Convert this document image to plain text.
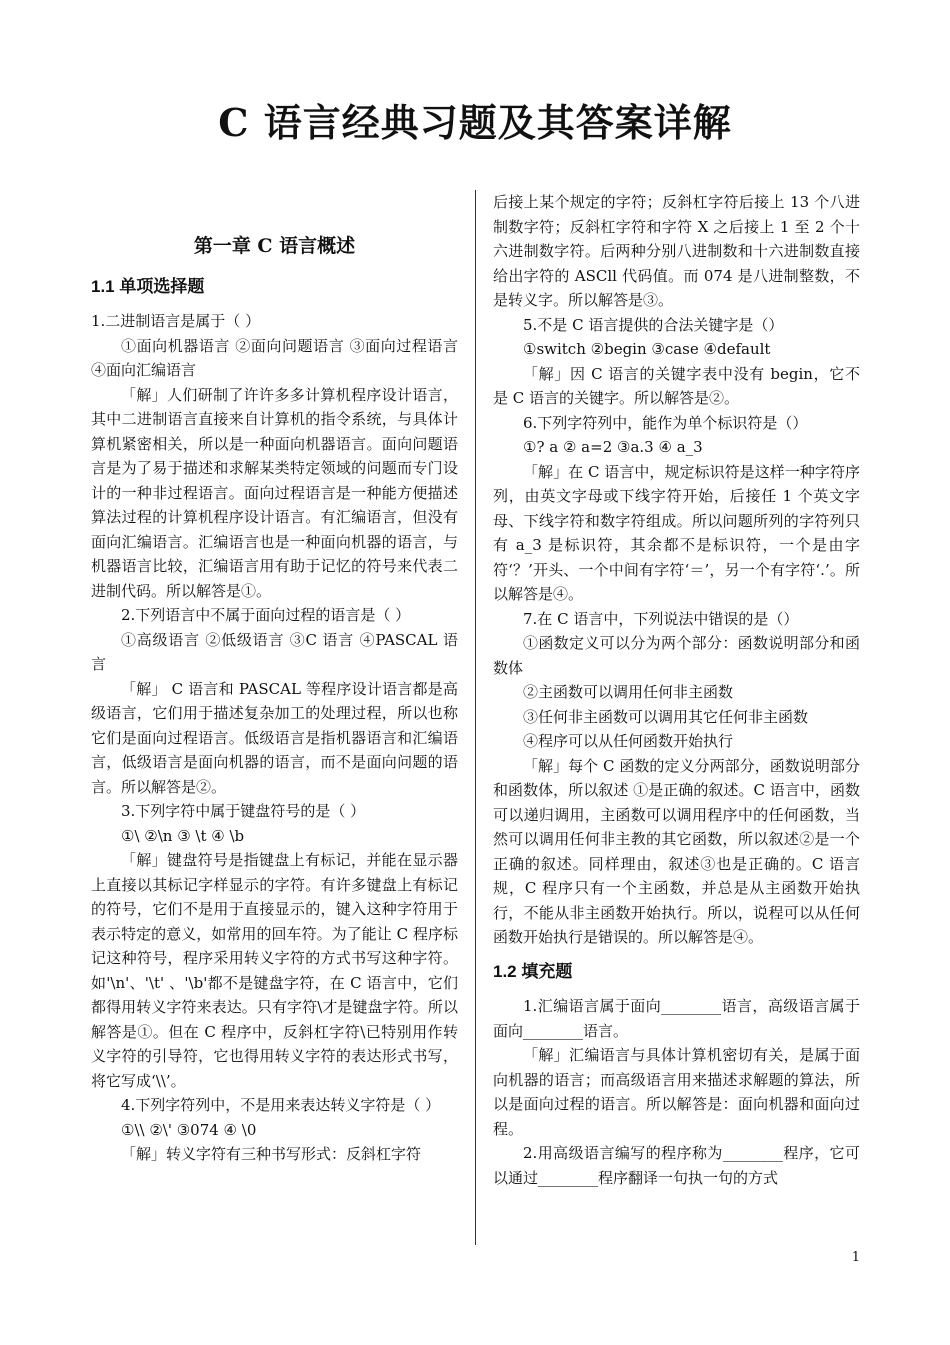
C 语言经典习题及其答案详解
第一章 C 语言概述
1.1 单项选择题

1.二进制语言是属于（ ）

①面向机器语言 ②面向问题语言 ③面向过程语言 ④面向汇编语言

「解」人们研制了许许多多计算机程序设计语言，其中二进制语言直接来自计算机的指令系统，与具体计算机紧密相关，所以是一种面向机器语言。面向问题语言是为了易于描述和求解某类特定领域的问题而专门设计的一种非过程语言。面向过程语言是一种能方便描述算法过程的计算机程序设计语言。有汇编语言，但没有面向汇编语言。汇编语言也是一种面向机器的语言，与机器语言比较，汇编语言用有助于记忆的符号来代表二进制代码。所以解答是①。

2.下列语言中不属于面向过程的语言是（ ）

①高级语言 ②低级语言 ③C 语言 ④PASCAL 语言

「解」 C 语言和 PASCAL 等程序设计语言都是高级语言，它们用于描述复杂加工的处理过程，所以也称它们是面向过程语言。低级语言是指机器语言和汇编语言，低级语言是面向机器的语言，而不是面向问题的语言。所以解答是②。

3.下列字符中属于键盘符号的是（ ）

①\ ②\n ③ \t ④ \b

「解」键盘符号是指键盘上有标记，并能在显示器上直接以其标记字样显示的字符。有许多键盘上有标记的符号，它们不是用于直接显示的，键入这种字符用于表示特定的意义，如常用的回车符。为了能让 C 程序标记这种符号，程序采用转义字符的方式书写这种字符。如'\n'、'\t' 、'\b'都不是键盘字符，在 C 语言中，它们都得用转义字符来表达。只有字符\才是键盘字符。所以解答是①。但在 C 程序中，反斜杠字符\已特别用作转义字符的引导符，它也得用转义字符的表达形式书写，将它写成‘\\’。

4.下列字符列中，不是用来表达转义字符是（ ）

①\\ ②\' ③074 ④ \0

「解」转义字符有三种书写形式：反斜杠字符

后接上某个规定的字符；反斜杠字符后接上 13 个八进制数字符；反斜杠字符和字符 X 之后接上 1 至 2 个十六进制数字符。后两种分别八进制数和十六进制数直接给出字符的 ASCll 代码值。而 074 是八进制整数，不是转义字。所以解答是③。

5.不是 C 语言提供的合法关键字是（）

①switch ②begin ③case ④default

「解」因 C 语言的关键字表中没有 begin，它不是 C 语言的关键字。所以解答是②。

6.下列字符列中，能作为单个标识符是（）

①? a ② a=2 ③a.3 ④ a_3

「解」在 C 语言中，规定标识符是这样一种字符序列，由英文字母或下线字符开始，后接任 1 个英文字母、下线字符和数字符组成。所以问题所列的字符列只有 a_3 是标识符，其余都不是标识符，一个是由字符‘？’开头、一个中间有字符‘＝’，另一个有字符‘.’。所以解答是④。

7.在 C 语言中，下列说法中错误的是（）

①函数定义可以分为两个部分：函数说明部分和函数体

②主函数可以调用任何非主函数

③任何非主函数可以调用其它任何非主函数

④程序可以从任何函数开始执行

「解」每个 C 函数的定义分两部分，函数说明部分和函数体，所以叙述 ①是正确的叙述。C 语言中，函数可以递归调用，主函数可以调用程序中的任何函数，当然可以调用任何非主教的其它函数，所以叙述②是一个正确的叙述。同样理由，叙述③也是正确的。C 语言规，C 程序只有一个主函数，并总是从主函数开始执行，不能从非主函数开始执行。所以，说程可以从任何函数开始执行是错误的。所以解答是④。

1.2 填充题

1.汇编语言属于面向________语言，高级语言属于面向________语言。

「解」汇编语言与具体计算机密切有关，是属于面向机器的语言；而高级语言用来描述求解题的算法，所以是面向过程的语言。所以解答是：面向机器和面向过程。

2.用高级语言编写的程序称为________程序，它可以通过________程序翻译一句执一句的方式

1
